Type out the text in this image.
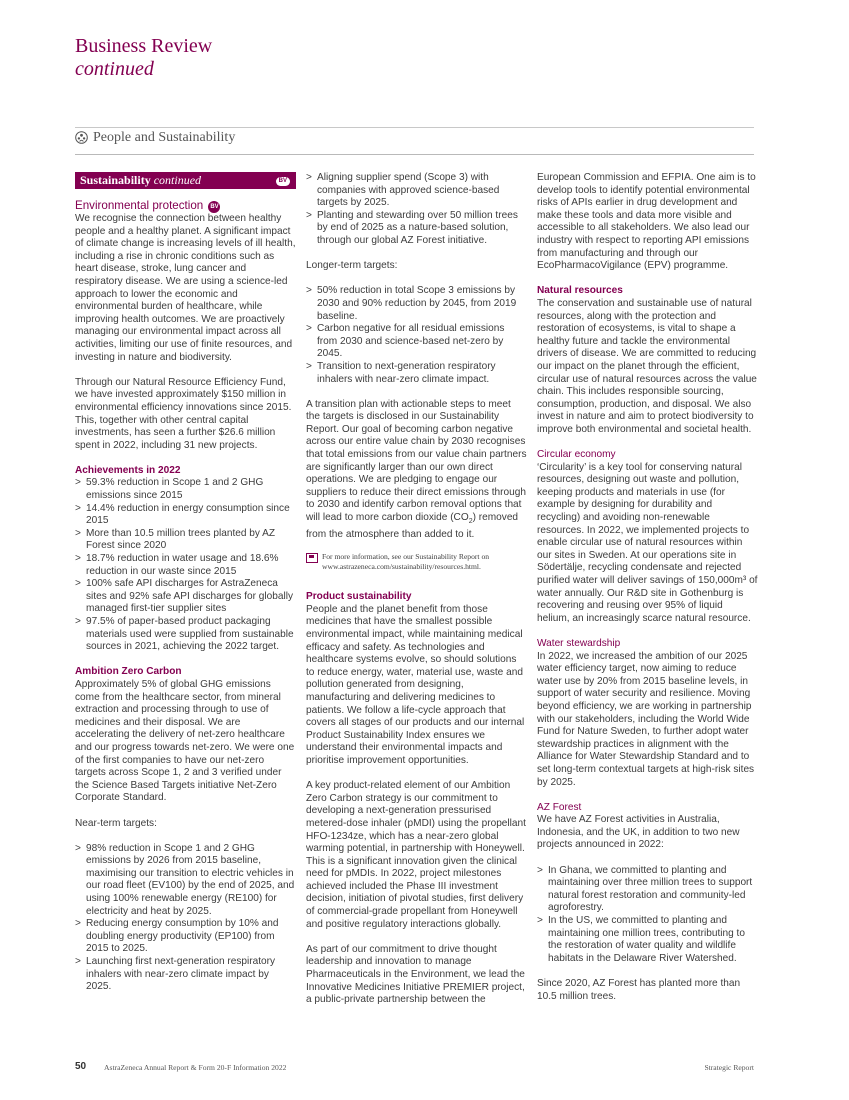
Business Review
continued
People and Sustainability
Sustainability continued	BV

Environmental protection BV

We recognise the connection between healthy people and a healthy planet. A significant impact of climate change is increasing levels of ill health, including a rise in chronic conditions such as heart disease, stroke, lung cancer and respiratory disease. We are using a science-led approach to lower the economic and environmental burden of healthcare, while improving health outcomes. We are proactively managing our environmental impact across all activities, limiting our use of finite resources, and investing in nature and biodiversity.

Through our Natural Resource Efficiency Fund, we have invested approximately $150 million in environmental efficiency innovations since 2015. This, together with other central capital investments, has seen a further $26.6 million spent in 2022, including 31 new projects.

Achievements in 2022

> 59.3% reduction in Scope 1 and 2 GHG emissions since 2015
> 14.4% reduction in energy consumption since 2015
> More than 10.5 million trees planted by AZ Forest since 2020
> 18.7% reduction in water usage and 18.6% reduction in our waste since 2015
> 100% safe API discharges for AstraZeneca sites and 92% safe API discharges for globally managed first-tier supplier sites
> 97.5% of paper-based product packaging materials used were supplied from sustainable sources in 2021, achieving the 2022 target.

Ambition Zero Carbon

Approximately 5% of global GHG emissions come from the healthcare sector, from mineral extraction and processing through to use of medicines and their disposal. We are accelerating the delivery of net-zero healthcare and our progress towards net-zero. We were one of the first companies to have our net-zero targets across Scope 1, 2 and 3 verified under the Science Based Targets initiative Net-Zero Corporate Standard.

Near-term targets:

> 98% reduction in Scope 1 and 2 GHG emissions by 2026 from 2015 baseline, maximising our transition to electric vehicles in our road fleet (EV100) by the end of 2025, and using 100% renewable energy (RE100) for electricity and heat by 2025.
> Reducing energy consumption by 10% and doubling energy productivity (EP100) from 2015 to 2025.
> Launching first next-generation respiratory inhalers with near-zero climate impact by 2025.
> Aligning supplier spend (Scope 3) with companies with approved science-based targets by 2025.
> Planting and stewarding over 50 million trees by end of 2025 as a nature-based solution, through our global AZ Forest initiative.

Longer-term targets:

> 50% reduction in total Scope 3 emissions by 2030 and 90% reduction by 2045, from 2019 baseline.
> Carbon negative for all residual emissions from 2030 and science-based net-zero by 2045.
> Transition to next-generation respiratory inhalers with near-zero climate impact.

A transition plan with actionable steps to meet the targets is disclosed in our Sustainability Report. Our goal of becoming carbon negative across our entire value chain by 2030 recognises that total emissions from our value chain partners are significantly larger than our own direct operations. We are pledging to engage our suppliers to reduce their direct emissions through to 2030 and identify carbon removal options that will lead to more carbon dioxide $(CO_2)$ removed from the atmosphere than added to it.

For more information, see our Sustainability Report on
www.astrazeneca.com/sustainability/resources.html.

Product sustainability

People and the planet benefit from those medicines that have the smallest possible environmental impact, while maintaining medical efficacy and safety. As technologies and healthcare systems evolve, so should solutions to reduce energy, water, material use, waste and pollution generated from designing, manufacturing and delivering medicines to patients. We follow a life-cycle approach that covers all stages of our products and our internal Product Sustainability Index ensures we understand their environmental impacts and prioritise improvement opportunities.

A key product-related element of our Ambition Zero Carbon strategy is our commitment to developing a next-generation pressurised metered-dose inhaler (pMDI) using the propellant HFO-1234ze, which has a near-zero global warming potential, in partnership with Honeywell. This is a significant innovation given the clinical need for pMDIs. In 2022, project milestones achieved included the Phase III investment decision, initiation of pivotal studies, first delivery of commercial-grade propellant from Honeywell and positive regulatory interactions globally.

As part of our commitment to drive thought leadership and innovation to manage Pharmaceuticals in the Environment, we lead the Innovative Medicines Initiative PREMIER project, a public-private partnership between the

European Commission and EFPIA. One aim is to develop tools to identify potential environmental risks of APIs earlier in drug development and make these tools and data more visible and accessible to all stakeholders. We also lead our industry with respect to reporting API emissions from manufacturing and through our EcoPharmacoVigilance (EPV) programme.

Natural resources

The conservation and sustainable use of natural resources, along with the protection and restoration of ecosystems, is vital to shape a healthy future and tackle the environmental drivers of disease. We are committed to reducing our impact on the planet through the efficient, circular use of natural resources across the value chain. This includes responsible sourcing, consumption, production, and disposal. We also invest in nature and aim to protect biodiversity to improve both environmental and societal health.

Circular economy

‘Circularity’ is a key tool for conserving natural resources, designing out waste and pollution, keeping products and materials in use (for example by designing for durability and recycling) and avoiding non-renewable resources. In 2022, we implemented projects to enable circular use of natural resources within our sites in Sweden. At our operations site in Södertälje, recycling condensate and rejected purified water will deliver savings of 150,000m³ of water annually. Our R&D site in Gothenburg is recovering and reusing over 95% of liquid helium, an increasingly scarce natural resource.

Water stewardship

In 2022, we increased the ambition of our 2025 water efficiency target, now aiming to reduce water use by 20% from 2015 baseline levels, in support of water security and resilience. Moving beyond efficiency, we are working in partnership with our stakeholders, including the World Wide Fund for Nature Sweden, to further adopt water stewardship practices in alignment with the Alliance for Water Stewardship Standard and to set long-term contextual targets at high-risk sites by 2025.

AZ Forest

We have AZ Forest activities in Australia, Indonesia, and the UK, in addition to two new projects announced in 2022:

> In Ghana, we committed to planting and maintaining over three million trees to support natural forest restoration and community-led agroforestry.
> In the US, we committed to planting and maintaining one million trees, contributing to the restoration of water quality and wildlife habitats in the Delaware River Watershed.

Since 2020, AZ Forest has planted more than 10.5 million trees.

50 AstraZeneca Annual Report & Form 20-F Information 2022	Strategic Report
